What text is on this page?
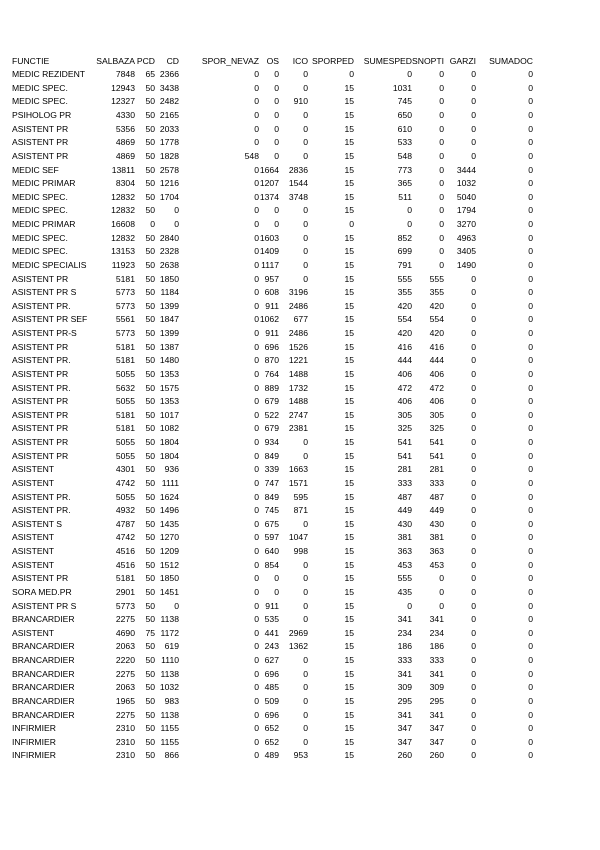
FUNCTIE	SALBAZA	PCD	CD	SPOR_NEVAZ	OS	ICO	SPORPED	SUMESPED	SNOPTI	GARZI	SUMADOC
MEDIC REZIDENT	7848	65	2366	0	0	0	0	0	0	0	0
MEDIC SPEC.	12943	50	3438	0	0	0	15	1031	0	0	0
MEDIC SPEC.	12327	50	2482	0	0	910	15	745	0	0	0
PSIHOLOG PR	4330	50	2165	0	0	0	15	650	0	0	0
ASISTENT PR	5356	50	2033	0	0	0	15	610	0	0	0
ASISTENT PR	4869	50	1778	0	0	0	15	533	0	0	0
ASISTENT PR	4869	50	1828	548	0	0	15	548	0	0	0
MEDIC SEF	13811	50	2578	0	1664	2836	15	773	0	3444	0
MEDIC PRIMAR	8304	50	1216	0	1207	1544	15	365	0	1032	0
MEDIC SPEC.	12832	50	1704	0	1374	3748	15	511	0	5040	0
MEDIC SPEC.	12832	50	0	0	0	0	15	0	0	1794	0
MEDIC PRIMAR	16608	0	0	0	0	0	0	0	0	3270	0
MEDIC SPEC.	12832	50	2840	0	1603	0	15	852	0	4963	0
MEDIC SPEC.	13153	50	2328	0	1409	0	15	699	0	3405	0
MEDIC SPECIALIS	11923	50	2638	0	1117	0	15	791	0	1490	0
ASISTENT PR	5181	50	1850	0	957	0	15	555	555	0	0
ASISTENT PR S	5773	50	1184	0	608	3196	15	355	355	0	0
ASISTENT PR.	5773	50	1399	0	911	2486	15	420	420	0	0
ASISTENT PR SEF	5561	50	1847	0	1062	677	15	554	554	0	0
ASISTENT PR-S	5773	50	1399	0	911	2486	15	420	420	0	0
ASISTENT PR	5181	50	1387	0	696	1526	15	416	416	0	0
ASISTENT PR.	5181	50	1480	0	870	1221	15	444	444	0	0
ASISTENT PR	5055	50	1353	0	764	1488	15	406	406	0	0
ASISTENT PR.	5632	50	1575	0	889	1732	15	472	472	0	0
ASISTENT PR	5055	50	1353	0	679	1488	15	406	406	0	0
ASISTENT PR	5181	50	1017	0	522	2747	15	305	305	0	0
ASISTENT PR	5181	50	1082	0	679	2381	15	325	325	0	0
ASISTENT PR	5055	50	1804	0	934	0	15	541	541	0	0
ASISTENT PR	5055	50	1804	0	849	0	15	541	541	0	0
ASISTENT	4301	50	936	0	339	1663	15	281	281	0	0
ASISTENT	4742	50	1111	0	747	1571	15	333	333	0	0
ASISTENT PR.	5055	50	1624	0	849	595	15	487	487	0	0
ASISTENT PR.	4932	50	1496	0	745	871	15	449	449	0	0
ASISTENT S	4787	50	1435	0	675	0	15	430	430	0	0
ASISTENT	4742	50	1270	0	597	1047	15	381	381	0	0
ASISTENT	4516	50	1209	0	640	998	15	363	363	0	0
ASISTENT	4516	50	1512	0	854	0	15	453	453	0	0
ASISTENT PR	5181	50	1850	0	0	0	15	555	0	0	0
SORA MED.PR	2901	50	1451	0	0	0	15	435	0	0	0
ASISTENT PR S	5773	50	0	0	911	0	15	0	0	0	0
BRANCARDIER	2275	50	1138	0	535	0	15	341	341	0	0
ASISTENT	4690	75	1172	0	441	2969	15	234	234	0	0
BRANCARDIER	2063	50	619	0	243	1362	15	186	186	0	0
BRANCARDIER	2220	50	1110	0	627	0	15	333	333	0	0
BRANCARDIER	2275	50	1138	0	696	0	15	341	341	0	0
BRANCARDIER	2063	50	1032	0	485	0	15	309	309	0	0
BRANCARDIER	1965	50	983	0	509	0	15	295	295	0	0
BRANCARDIER	2275	50	1138	0	696	0	15	341	341	0	0
INFIRMIER	2310	50	1155	0	652	0	15	347	347	0	0
INFIRMIER	2310	50	1155	0	652	0	15	347	347	0	0
INFIRMIER	2310	50	866	0	489	953	15	260	260	0	0
